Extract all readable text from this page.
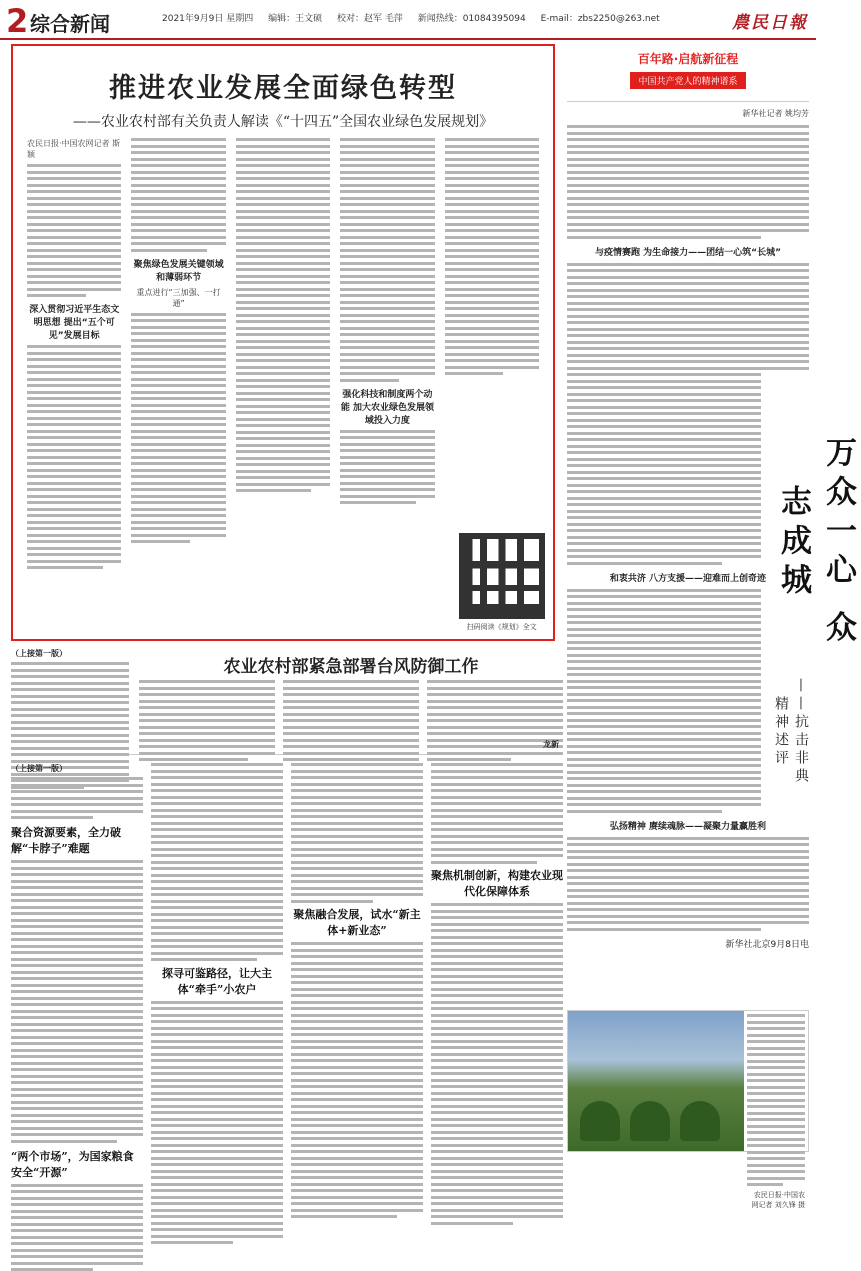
2 综合新闻	2021年9月9日 星期四 编辑：王文硕 校对：赵军 毛萍 新闻热线：01084395094 E-mail：zbs2250@263.net	農民日報
推进农业发展全面绿色转型
——农业农村部有关负责人解读《“十四五”全国农业绿色发展规划》
农民日报·中国农网记者 斯颖
深入贯彻习近平生态文明思想 提出“五个可见”发展目标
聚焦绿色发展关键领域和薄弱环节
重点进行“三加强、一打通”
强化科技和制度两个动能 加大农业绿色发展领域投入力度
扫码阅读《规划》全文
百年路·启航新征程
中国共产党人的精神谱系
新华社记者 姚均芳
与疫情赛跑 为生命接力——团结一心筑“长城”
和衷共济 八方支援——迎难而上创奇迹
弘扬精神 赓续魂脉——凝聚力量赢胜利
新华社北京9月8日电
万众一心 众志成城
——抗击非典精神述评
农民日报·中国农网记者 刘久锋 摄
（上接第一版）
农业农村部紧急部署台风防御工作
龙新
（上接第一版）
聚合资源要素，全力破解“卡脖子”难题
“两个市场”，为国家粮食安全“开源”
探寻可鉴路径，让大主体“牵手”小农户
聚焦融合发展，试水“新主体+新业态”
聚焦机制创新，构建农业现代化保障体系
